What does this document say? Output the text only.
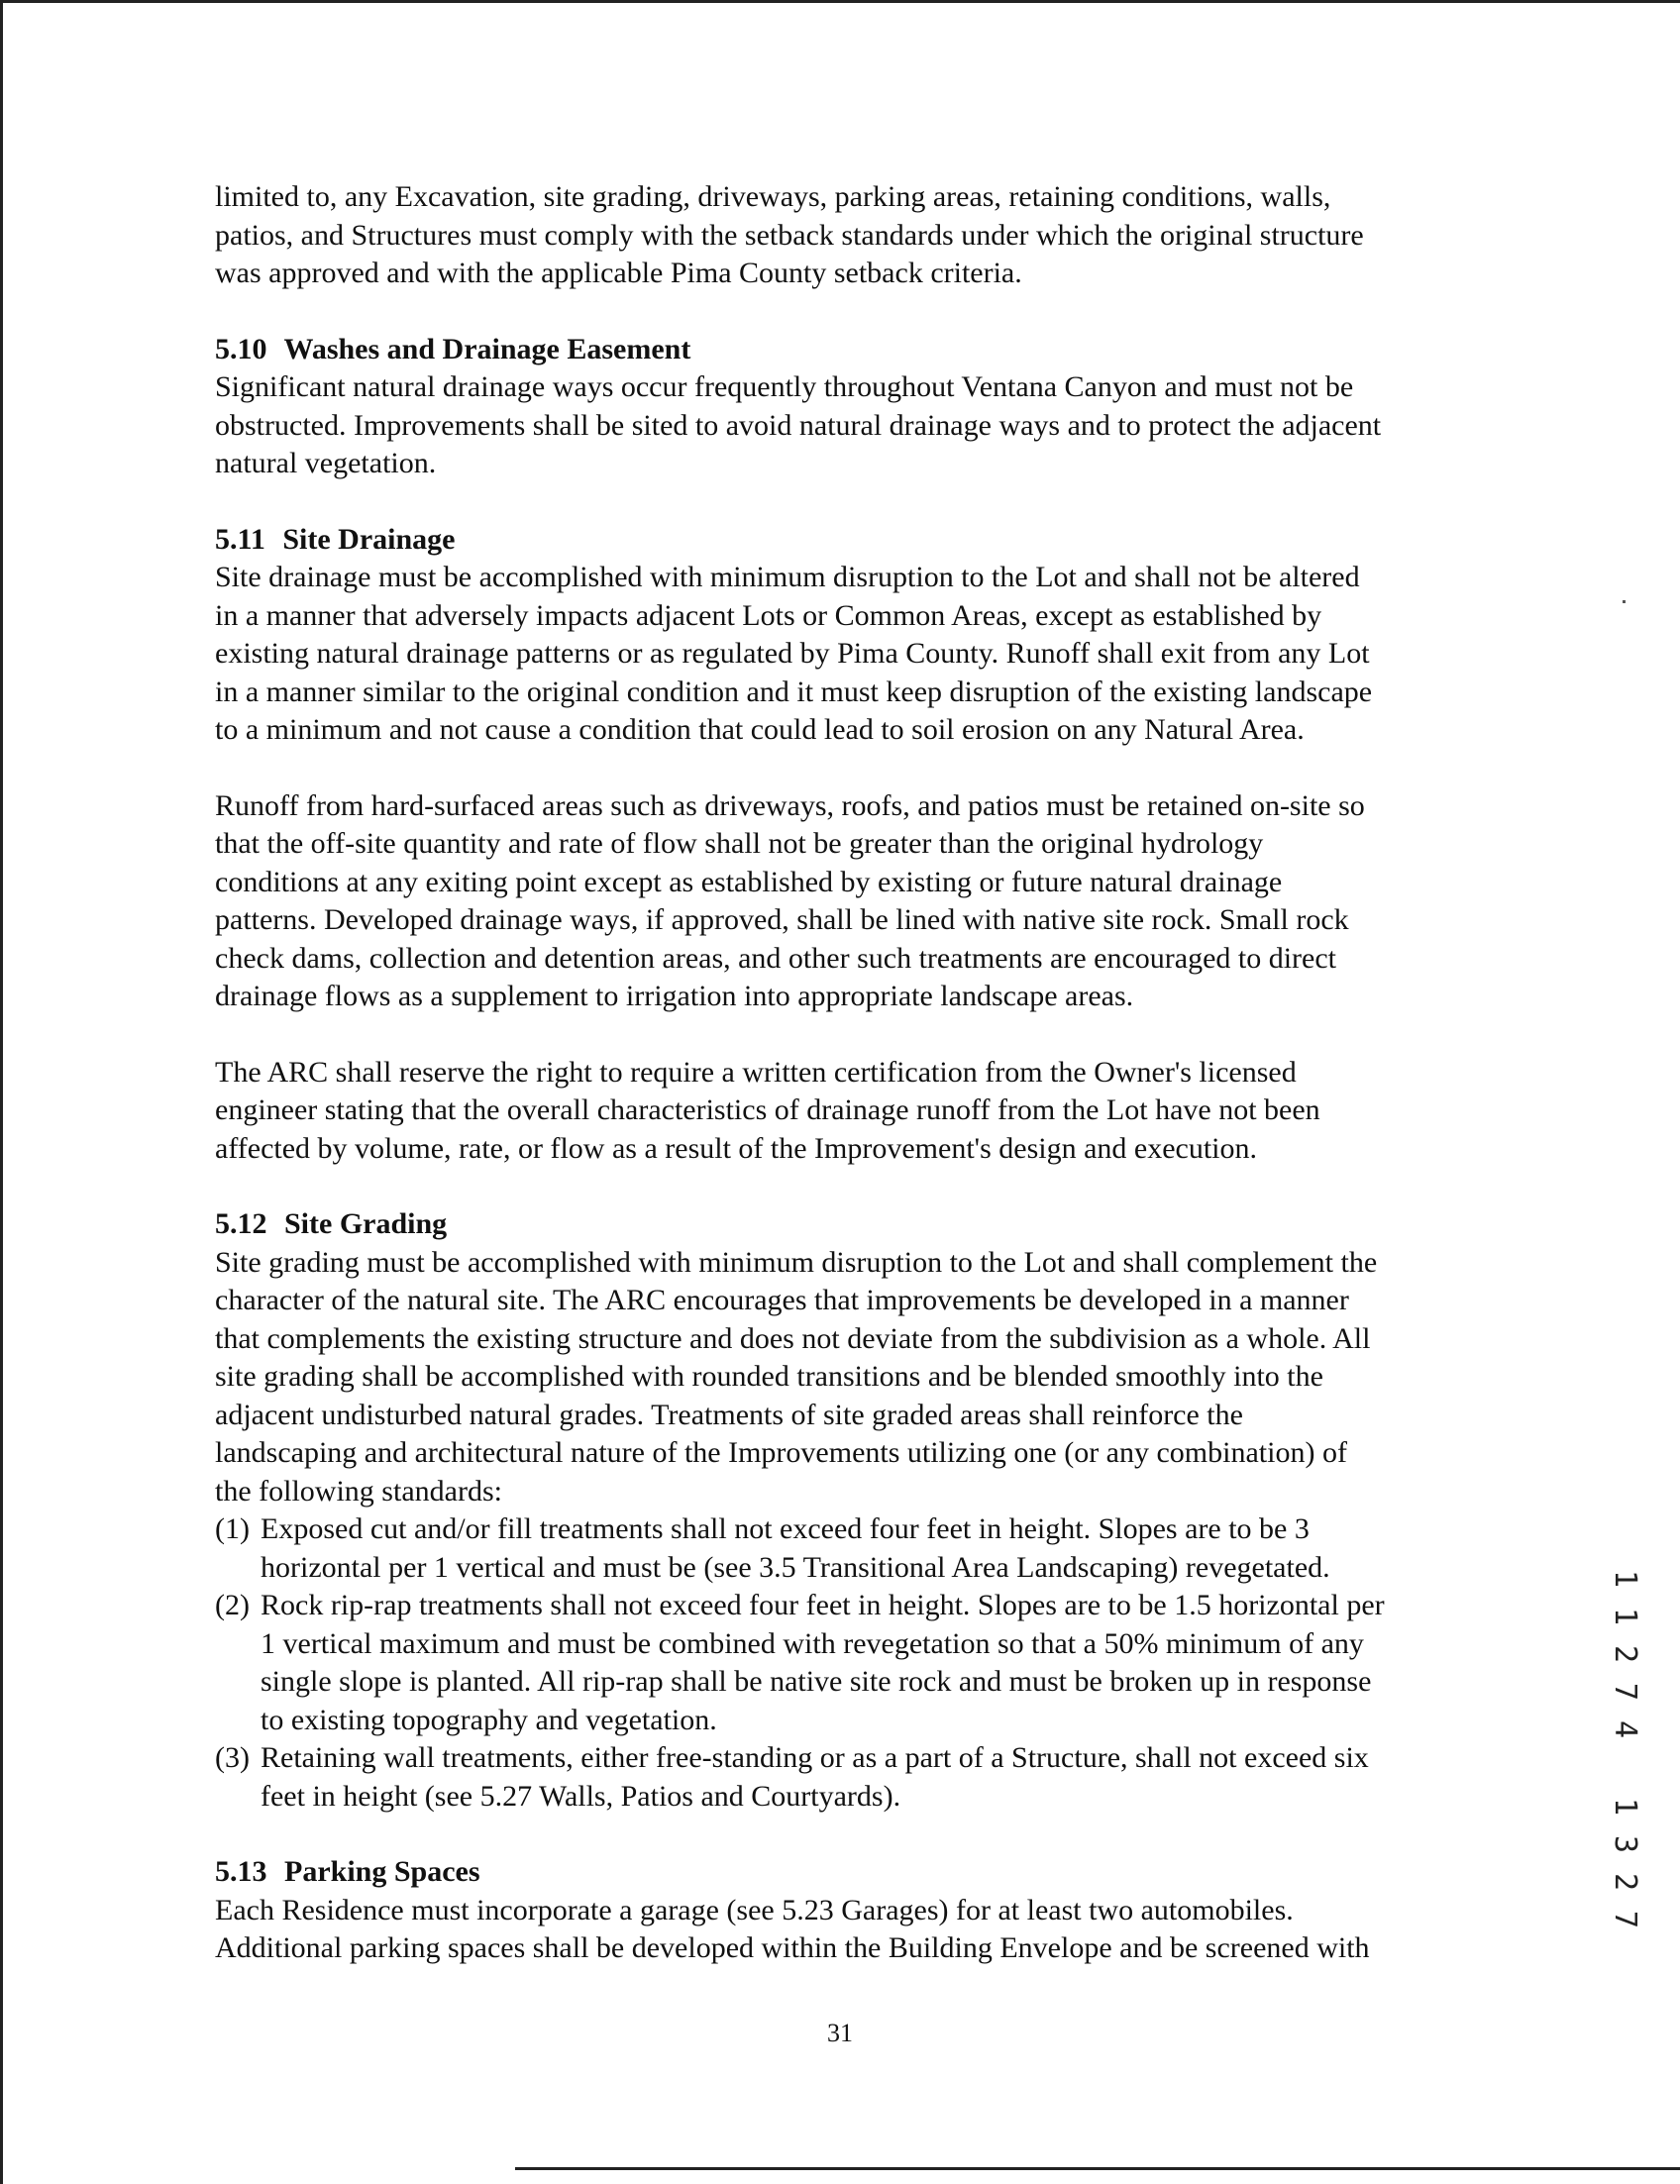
limited to, any Excavation, site grading, driveways, parking areas, retaining conditions, walls,

patios, and Structures must comply with the setback standards under which the original structure

was approved and with the applicable Pima County setback criteria.

5.10 Washes and Drainage Easement

Significant natural drainage ways occur frequently throughout Ventana Canyon and must not be

obstructed. Improvements shall be sited to avoid natural drainage ways and to protect the adjacent

natural vegetation.

5.11 Site Drainage

Site drainage must be accomplished with minimum disruption to the Lot and shall not be altered

in a manner that adversely impacts adjacent Lots or Common Areas, except as established by

existing natural drainage patterns or as regulated by Pima County. Runoff shall exit from any Lot

in a manner similar to the original condition and it must keep disruption of the existing landscape

to a minimum and not cause a condition that could lead to soil erosion on any Natural Area.

Runoff from hard-surfaced areas such as driveways, roofs, and patios must be retained on-site so

that the off-site quantity and rate of flow shall not be greater than the original hydrology

conditions at any exiting point except as established by existing or future natural drainage

patterns. Developed drainage ways, if approved, shall be lined with native site rock. Small rock

check dams, collection and detention areas, and other such treatments are encouraged to direct

drainage flows as a supplement to irrigation into appropriate landscape areas.

The ARC shall reserve the right to require a written certification from the Owner's licensed

engineer stating that the overall characteristics of drainage runoff from the Lot have not been

affected by volume, rate, or flow as a result of the Improvement's design and execution.

5.12 Site Grading

Site grading must be accomplished with minimum disruption to the Lot and shall complement the

character of the natural site. The ARC encourages that improvements be developed in a manner

that complements the existing structure and does not deviate from the subdivision as a whole. All

site grading shall be accomplished with rounded transitions and be blended smoothly into the

adjacent undisturbed natural grades. Treatments of site graded areas shall reinforce the

landscaping and architectural nature of the Improvements utilizing one (or any combination) of

the following standards:

(1) Exposed cut and/or fill treatments shall not exceed four feet in height. Slopes are to be 3

horizontal per 1 vertical and must be (see 3.5 Transitional Area Landscaping) revegetated.

(2) Rock rip-rap treatments shall not exceed four feet in height. Slopes are to be 1.5 horizontal per

1 vertical maximum and must be combined with revegetation so that a 50% minimum of any

single slope is planted. All rip-rap shall be native site rock and must be broken up in response

to existing topography and vegetation.

(3) Retaining wall treatments, either free-standing or as a part of a Structure, shall not exceed six

feet in height (see 5.27 Walls, Patios and Courtyards).

5.13 Parking Spaces

Each Residence must incorporate a garage (see 5.23 Garages) for at least two automobiles.

Additional parking spaces shall be developed within the Building Envelope and be screened with

31
1
1
2
7
4
1
3
2
7
